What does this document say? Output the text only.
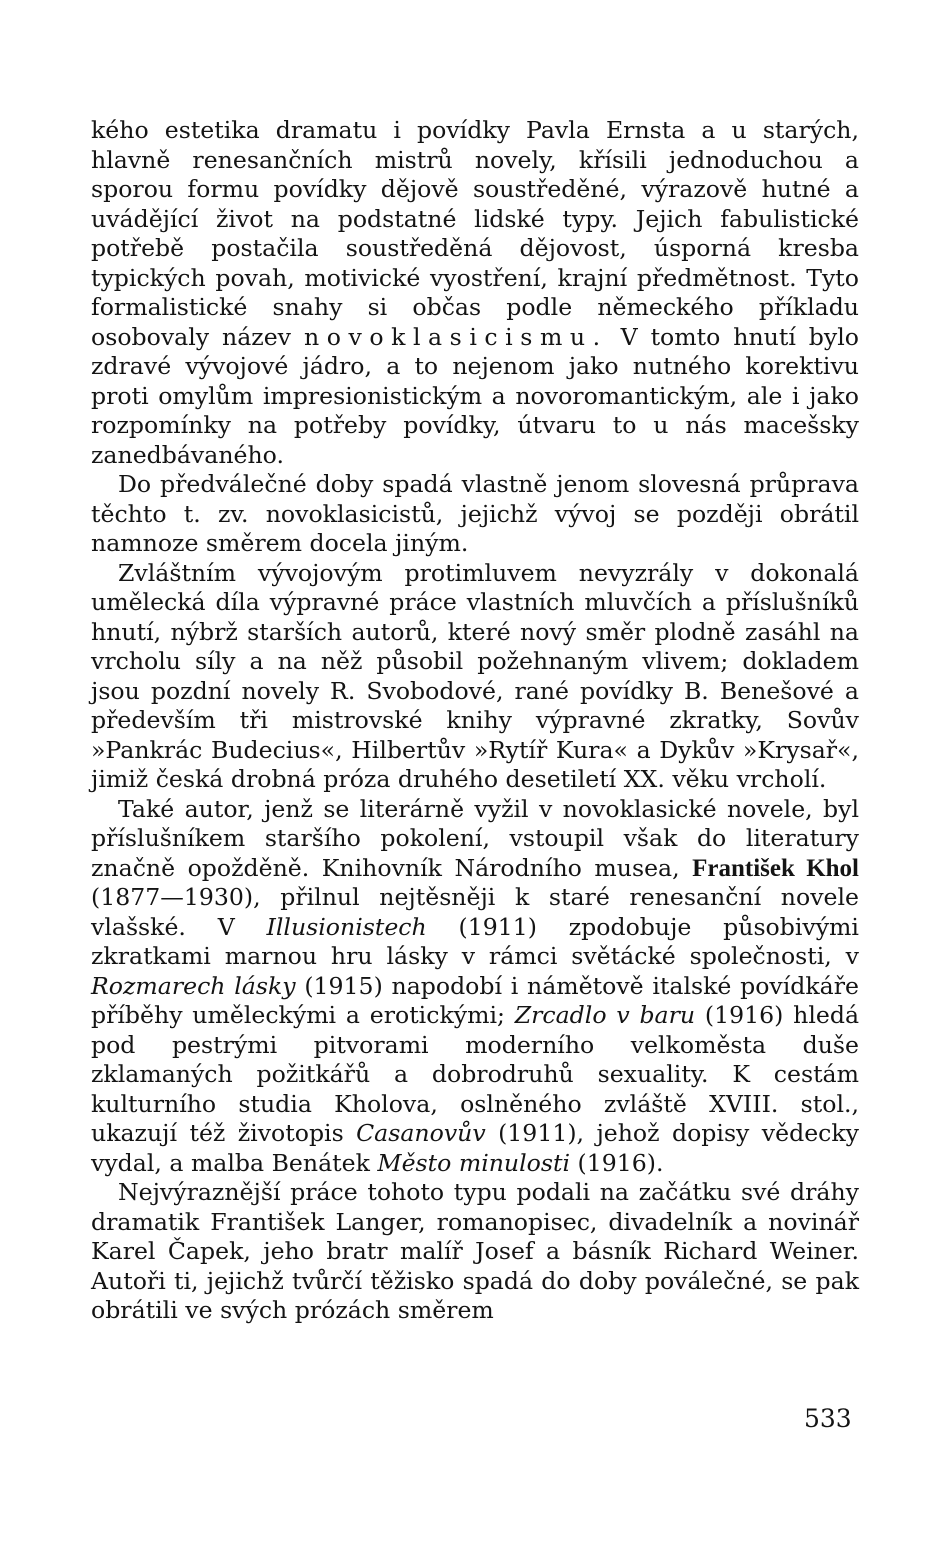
kého estetika dramatu i povídky Pavla Ernsta a u starých, hlavně renesančních mistrů novely, křísili jednoduchou a sporou formu povídky dějově soustředěné, výrazově hutné a uvádějící život na podstatné lidské typy. Jejich fabulistické potřebě postačila soustředěná dějovost, úsporná kresba typických povah, motivické vyostření, krajní předmětnost. Tyto formalistické snahy si občas podle německého příkladu osobovaly název novoklasicismu. V tomto hnutí bylo zdravé vývojové jádro, a to nejenom jako nutného korektivu proti omylům impresionistickým a novoromantickým, ale i jako rozpomínky na potřeby povídky, útvaru to u nás macešsky zanedbávaného.

Do předválečné doby spadá vlastně jenom slovesná průprava těchto t. zv. novoklasicistů, jejichž vývoj se později obrátil namnoze směrem docela jiným.

Zvláštním vývojovým protimluvem nevyzrály v dokonalá umělecká díla výpravné práce vlastních mluvčích a příslušníků hnutí, nýbrž starších autorů, které nový směr plodně zasáhl na vrcholu síly a na něž působil požehnaným vlivem; dokladem jsou pozdní novely R. Svobodové, rané povídky B. Benešové a především tři mistrovské knihy výpravné zkratky, Sovův »Pankrác Budecius«, Hilbertův »Rytíř Kura« a Dykův »Krysař«, jimiž česká drobná próza druhého desetiletí XX. věku vrcholí.

Také autor, jenž se literárně vyžil v novoklasické novele, byl příslušníkem staršího pokolení, vstoupil však do literatury značně opožděně. Knihovník Národního musea, František Khol (1877—1930), přilnul nejtěsněji k staré renesanční novele vlašské. V Illusionistech (1911) zpodobuje působivými zkratkami marnou hru lásky v rámci světácké společnosti, v Rozmarech lásky (1915) napodobí i námětově italské povídkáře příběhy uměleckými a erotickými; Zrcadlo v baru (1916) hledá pod pestrými pitvorami moderního velkoměsta duše zklamaných požitkářů a dobrodruhů sexuality. K cestám kulturního studia Kholova, oslněného zvláště XVIII. stol., ukazují též životopis Casanovův (1911), jehož dopisy vědecky vydal, a malba Benátek Město minulosti (1916).

Nejvýraznější práce tohoto typu podali na začátku své dráhy dramatik František Langer, romanopisec, divadelník a novinář Karel Čapek, jeho bratr malíř Josef a básník Richard Weiner. Autoři ti, jejichž tvůrčí těžisko spadá do doby poválečné, se pak obrátili ve svých prózách směrem

533
